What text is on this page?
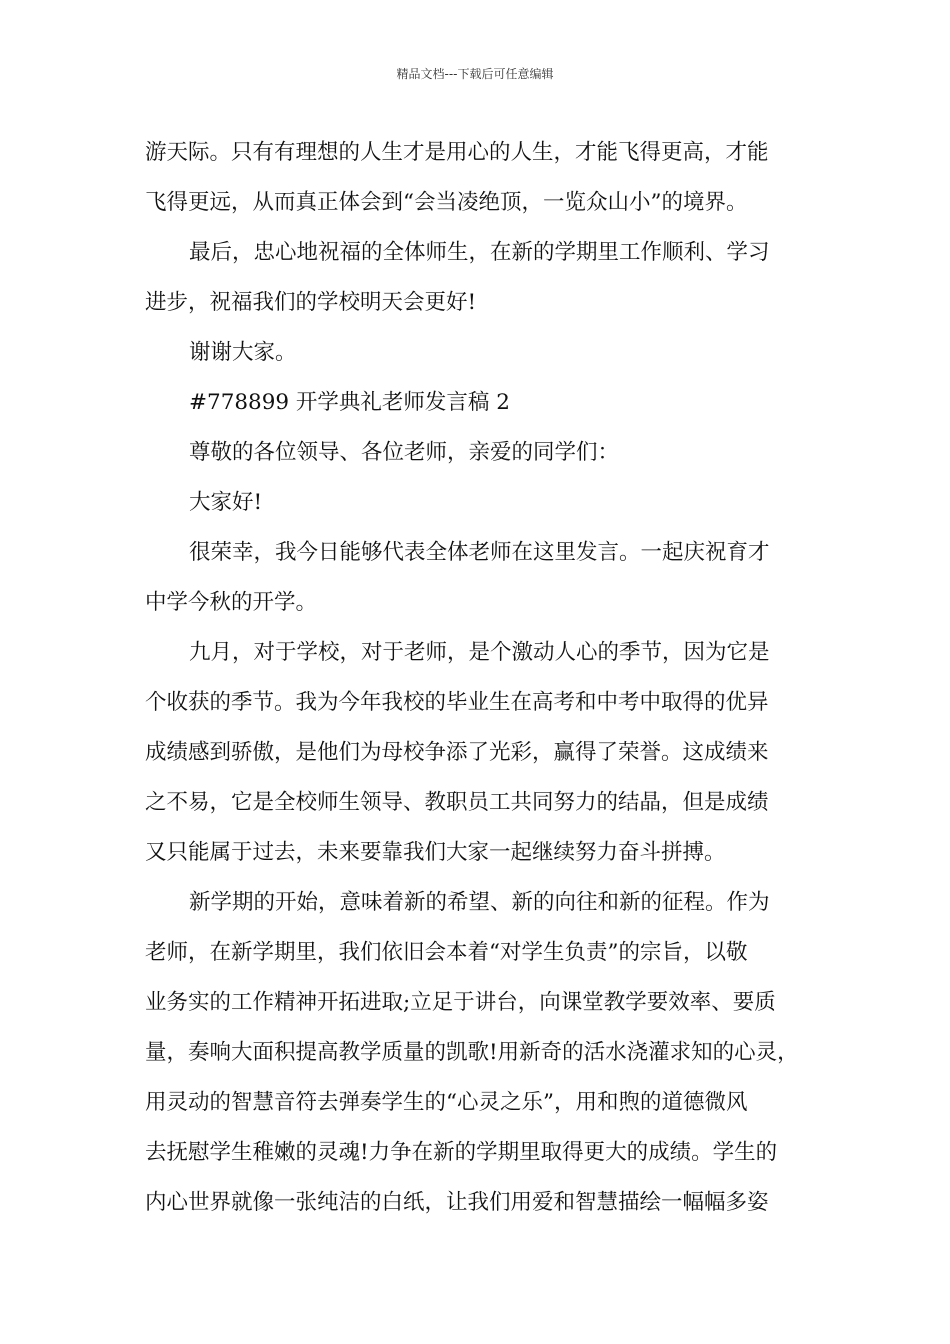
精品文档---下载后可任意编辑
游天际。只有有理想的人生才是用心的人生，才能飞得更高，才能
飞得更远，从而真正体会到“会当凌绝顶，一览众山小”的境界。
最后，忠心地祝福的全体师生，在新的学期里工作顺利、学习
进步，祝福我们的学校明天会更好!
谢谢大家。
#778899 开学典礼老师发言稿 2
尊敬的各位领导、各位老师，亲爱的同学们：
大家好!
很荣幸，我今日能够代表全体老师在这里发言。一起庆祝育才
中学今秋的开学。
九月，对于学校，对于老师，是个激动人心的季节，因为它是
个收获的季节。我为今年我校的毕业生在高考和中考中取得的优异
成绩感到骄傲，是他们为母校争添了光彩，赢得了荣誉。这成绩来
之不易，它是全校师生领导、教职员工共同努力的结晶，但是成绩
又只能属于过去，未来要靠我们大家一起继续努力奋斗拼搏。
新学期的开始，意味着新的希望、新的向往和新的征程。作为
老师，在新学期里，我们依旧会本着“对学生负责”的宗旨，以敬
业务实的工作精神开拓进取;立足于讲台，向课堂教学要效率、要质
量，奏响大面积提高教学质量的凯歌!用新奇的活水浇灌求知的心灵，
用灵动的智慧音符去弹奏学生的“心灵之乐”，用和煦的道德微风
去抚慰学生稚嫩的灵魂!力争在新的学期里取得更大的成绩。学生的
内心世界就像一张纯洁的白纸，让我们用爱和智慧描绘一幅幅多姿
